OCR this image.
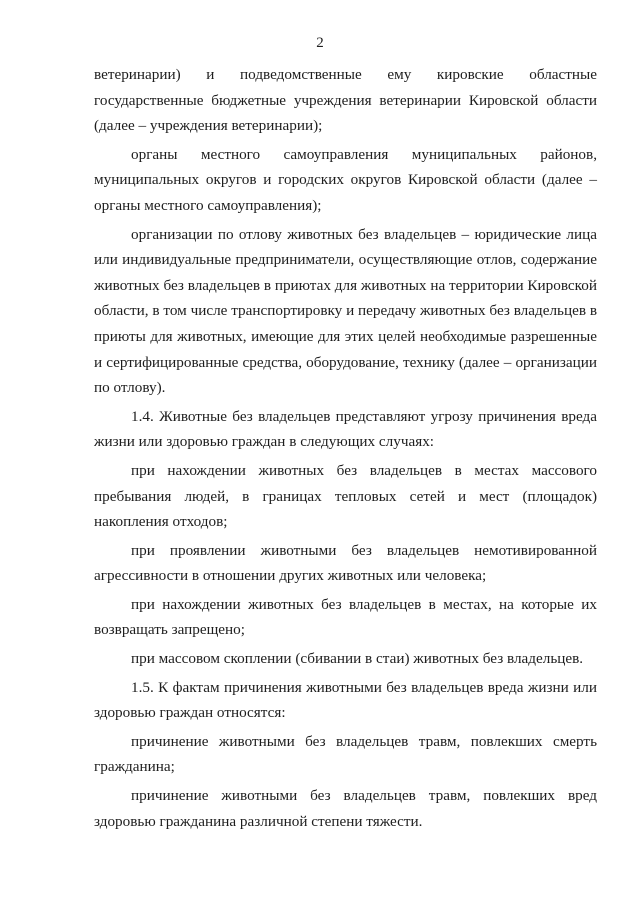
2

ветеринарии) и подведомственные ему кировские областные государственные бюджетные учреждения ветеринарии Кировской области (далее – учреждения ветеринарии);

органы местного самоуправления муниципальных районов, муниципальных округов и городских округов Кировской области (далее – органы местного самоуправления);

организации по отлову животных без владельцев – юридические лица или индивидуальные предприниматели, осуществляющие отлов, содержание животных без владельцев в приютах для животных на территории Кировской области, в том числе транспортировку и передачу животных без владельцев в приюты для животных, имеющие для этих целей необходимые разрешенные и сертифицированные средства, оборудование, технику (далее – организации по отлову).

1.4. Животные без владельцев представляют угрозу причинения вреда жизни или здоровью граждан в следующих случаях:

при нахождении животных без владельцев в местах массового пребывания людей, в границах тепловых сетей и мест (площадок) накопления отходов;

при проявлении животными без владельцев немотивированной агрессивности в отношении других животных или человека;

при нахождении животных без владельцев в местах, на которые их возвращать запрещено;

при массовом скоплении (сбивании в стаи) животных без владельцев.

1.5. К фактам причинения животными без владельцев вреда жизни или здоровью граждан относятся:

причинение животными без владельцев травм, повлекших смерть гражданина;

причинение животными без владельцев травм, повлекших вред здоровью гражданина различной степени тяжести.
